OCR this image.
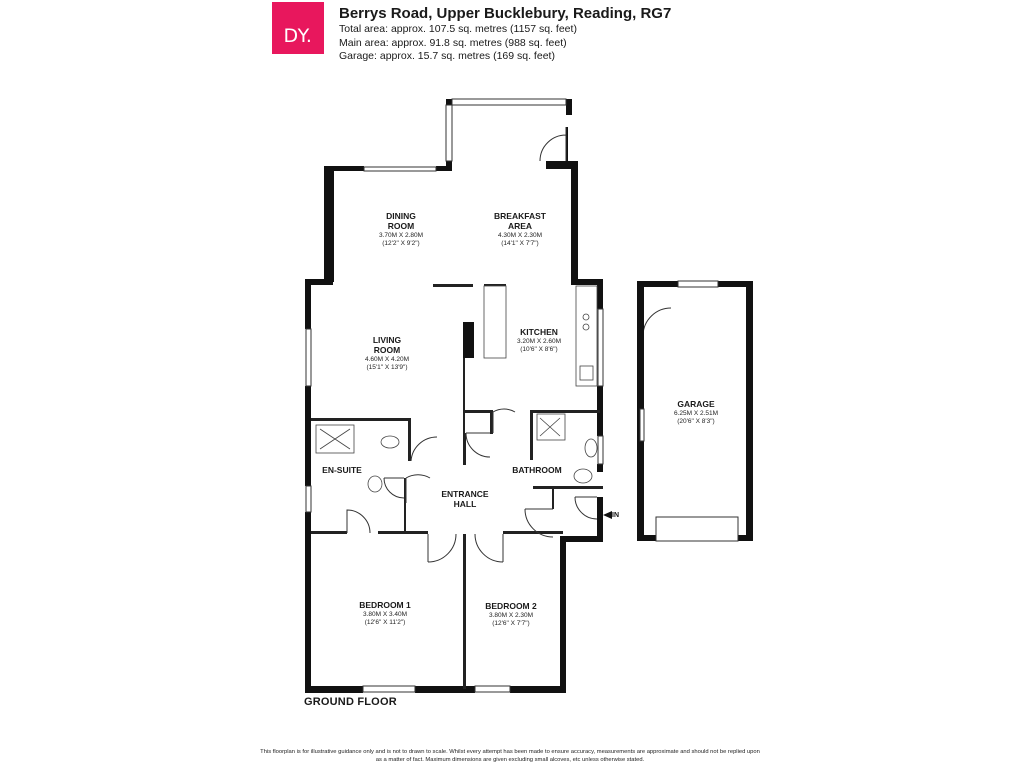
DY.
Berrys Road, Upper Bucklebury, Reading, RG7
Total area: approx. 107.5 sq. metres (1157 sq. feet)
Main area: approx. 91.8 sq. metres (988 sq. feet)
Garage: approx. 15.7 sq. metres (169 sq. feet)
IN
DINING
ROOM
3.70M X 2.80M
(12'2" X 9'2")
BREAKFAST
AREA
4.30M X 2.30M
(14'1" X 7'7")
LIVING
ROOM
4.60M X 4.20M
(15'1" X 13'9")
KITCHEN
3.20M X 2.60M
(10'6" X 8'6")
EN-SUITE
ENTRANCE
HALL
BATHROOM
BEDROOM 1
3.80M X 3.40M
(12'6" X 11'2")
BEDROOM 2
3.80M X 2.30M
(12'6" X 7'7")
GARAGE
6.25M X 2.51M
(20'6" X 8'3")
GROUND FLOOR
This floorplan is for illustrative guidance only and is not to drawn to scale. Whilst every attempt has been made to ensure accuracy, measurements are approximate and should not be replied upon as a matter of fact. Maximum dimensions are given excluding small alcoves, etc unless otherwise stated.
